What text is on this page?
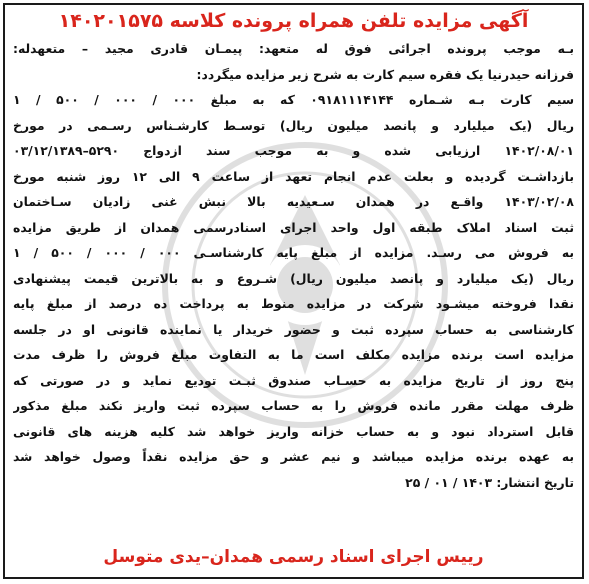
آگهی مزایده تلفن همراه پرونده کلاسه ۱۴۰۲۰۱۵۷۵
بـه موجب پرونده اجرائی فوق له متعهد: پیمـان قادری مجید – متعهدله:
فرزانه حیدرنیا یک فقره سیم کارت به شرح زیر مزایده میگردد:
سیم کارت بـه شـماره ۰۹۱۸۱۱۱۴۱۴۴ که به مبلغ ۰۰۰ / ۰۰۰ / ۵۰۰ / ۱
ریال (یک میلیارد و پانصد میلیون ریال) توسـط کارشـناس رسـمی در مورخ
۱۴۰۲/۰۸/۰۱ ارزیابی شده و به موجب سند ازدواج ۵۲۹۰–۰۳/۱۲/۱۳۸۹
بازداشـت گردیده و بعلت عدم انجام تعهد از ساعت ۹ الی ۱۲ روز شنبه مورخ
۱۴۰۳/۰۲/۰۸ واقـع در همدان سـعیدیه بالا نبش غنی زادیان سـاختمان
ثبت اسناد املاک طبقه اول واحد اجرای اسنادرسمی همدان از طریق مزایده
به فروش می رسـد. مزایده از مبلغ پایه کارشناسـی ۰۰۰ / ۰۰۰ / ۵۰۰ / ۱
ریال (یک میلیارد و پانصد میلیون ریال) شـروع و به بالاترین قیمت پیشنهادی
نقدا فروخته میشـود شرکت در مزایده منوط به پرداخت ده درصد از مبلغ پایه
کارشناسی به حساب سپرده ثبت و حضور خریدار یا نماینده قانونی او در جلسه
مزایده است برنده مزایده مکلف است ما به التفاوت مبلغ فروش را ظرف مدت
پنج روز از تاریخ مزایده به حسـاب صندوق ثبـت تودیع نماید و در صورتی که
ظرف مهلت مقرر مانده فروش را به حساب سپرده ثبت واریز نکند مبلغ مذکور
قابل استرداد نبود و به حساب خزانه واریز خواهد شد کلیه هزینه های قانونی
به عهده برنده مزایده میباشد و نیم عشر و حق مزایده نقداً وصول خواهد شد
تاریخ انتشار: ۱۴۰۳ / ۰۱ / ۲۵
رییس اجرای اسناد رسمی همدان–یدی متوسل
